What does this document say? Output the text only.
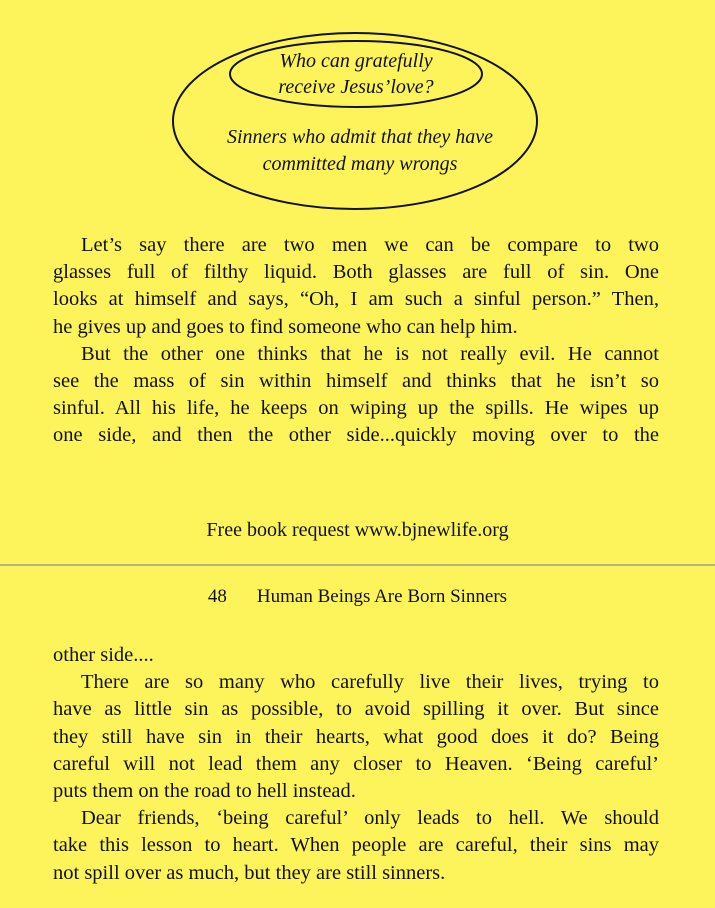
Who can gratefully
receive Jesus’love?
Sinners who admit that they have
committed many wrongs
Let’s say there are two men we can be compare to two
glasses full of filthy liquid. Both glasses are full of sin. One
looks at himself and says, “Oh, I am such a sinful person.” Then,
he gives up and goes to find someone who can help him.
But the other one thinks that he is not really evil. He cannot
see the mass of sin within himself and thinks that he isn’t so
sinful. All his life, he keeps on wiping up the spills. He wipes up
one side, and then the other side...quickly moving over to the
Free book request www.bjnewlife.org
48 Human Beings Are Born Sinners
other side....
There are so many who carefully live their lives, trying to
have as little sin as possible, to avoid spilling it over. But since
they still have sin in their hearts, what good does it do? Being
careful will not lead them any closer to Heaven. ‘Being careful’
puts them on the road to hell instead.
Dear friends, ‘being careful’ only leads to hell. We should
take this lesson to heart. When people are careful, their sins may
not spill over as much, but they are still sinners.
